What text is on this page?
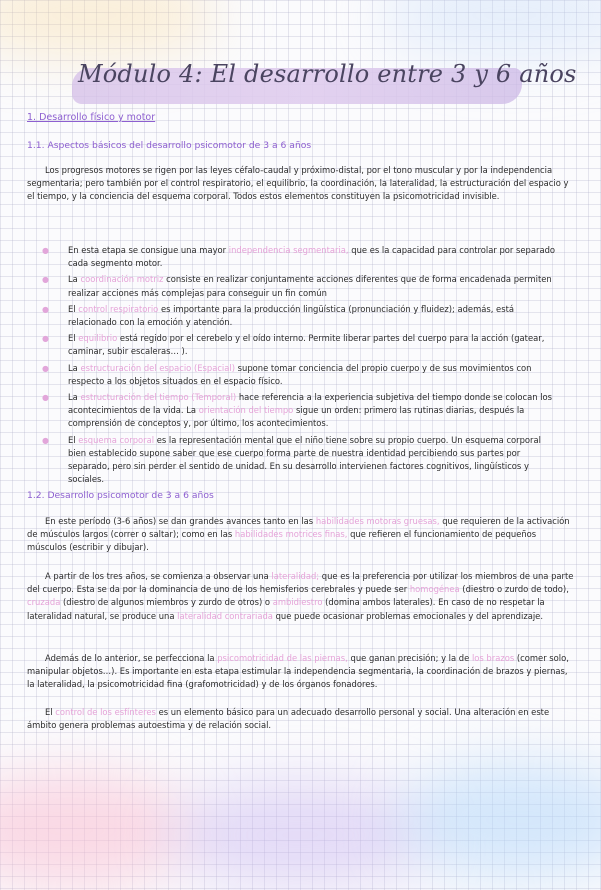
Módulo 4: El desarrollo entre 3 y 6 años
1. Desarrollo físico y motor
1.1. Aspectos básicos del desarrollo psicomotor de 3 a 6 años

Los progresos motores se rigen por las leyes céfalo-caudal y próximo-distal, por el tono muscular y por la independencia segmentaria; pero también por el control respiratorio, el equilibrio, la coordinación, la lateralidad, la estructuración del espacio y el tiempo, y la conciencia del esquema corporal. Todos estos elementos constituyen la psicomotricidad invisible.

● En esta etapa se consigue una mayor independencia segmentaria, que es la capacidad para controlar por separado cada segmento motor.
● La coordinación motriz consiste en realizar conjuntamente acciones diferentes que de forma encadenada permiten realizar acciones más complejas para conseguir un fin común
● El control respiratorio es importante para la producción lingüística (pronunciación y fluidez); además, está relacionado con la emoción y atención.
● El equilibrio está regido por el cerebelo y el oído interno. Permite liberar partes del cuerpo para la acción (gatear, caminar, subir escaleras… ).
● La estructuración del espacio (Espacial) supone tomar conciencia del propio cuerpo y de sus movimientos con respecto a los objetos situados en el espacio físico.
● La estructuración del tiempo (Temporal) hace referencia a la experiencia subjetiva del tiempo donde se colocan los acontecimientos de la vida. La orientación del tiempo sigue un orden: primero las rutinas diarias, después la comprensión de conceptos y, por último, los acontecimientos.
● El esquema corporal es la representación mental que el niño tiene sobre su propio cuerpo. Un esquema corporal bien establecido supone saber que ese cuerpo forma parte de nuestra identidad percibiendo sus partes por separado, pero sin perder el sentido de unidad. En su desarrollo intervienen factores cognitivos, lingüísticos y sociales.
1.2. Desarrollo psicomotor de 3 a 6 años

En este período (3-6 años) se dan grandes avances tanto en las habilidades motoras gruesas, que requieren de la activación de músculos largos (correr o saltar); como en las habilidades motrices finas, que refieren el funcionamiento de pequeños músculos (escribir y dibujar).

A partir de los tres años, se comienza a observar una lateralidad; que es la preferencia por utilizar los miembros de una parte del cuerpo. Esta se da por la dominancia de uno de los hemisferios cerebrales y puede ser homogénea (diestro o zurdo de todo), cruzada (diestro de algunos miembros y zurdo de otros) o ambidiestro (domina ambos laterales). En caso de no respetar la lateralidad natural, se produce una lateralidad contrariada que puede ocasionar problemas emocionales y del aprendizaje.

Además de lo anterior, se perfecciona la psicomotricidad de las piernas, que ganan precisión; y la de los brazos (comer solo, manipular objetos…). Es importante en esta etapa estimular la independencia segmentaria, la coordinación de brazos y piernas, la lateralidad, la psicomotricidad fina (grafomotricidad) y de los órganos fonadores.

El control de los esfínteres es un elemento básico para un adecuado desarrollo personal y social. Una alteración en este ámbito genera problemas autoestima y de relación social.
